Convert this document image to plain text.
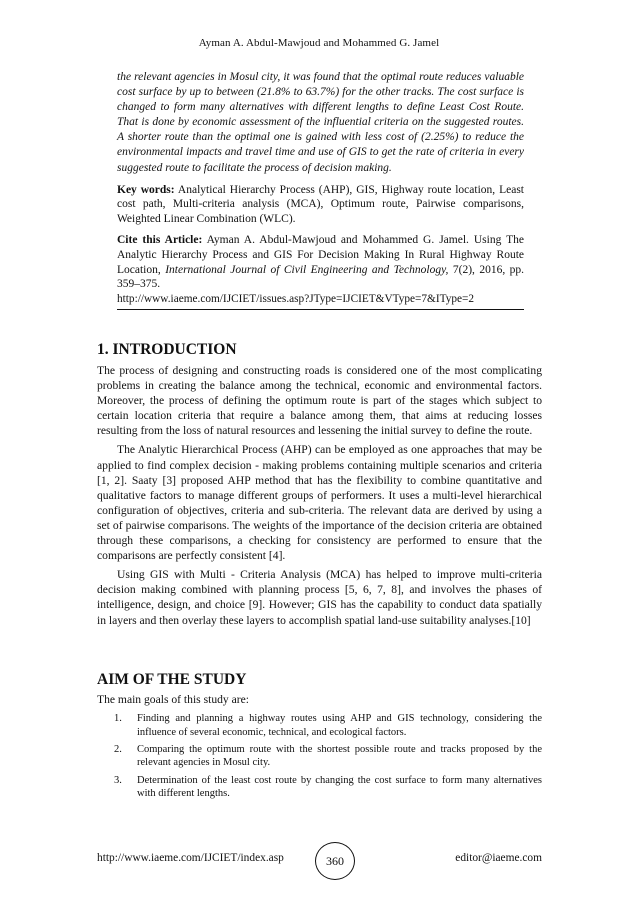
Ayman A. Abdul-Mawjoud and Mohammed G. Jamel

the relevant agencies in Mosul city, it was found that the optimal route reduces valuable cost surface by up to between (21.8% to 63.7%) for the other tracks. The cost surface is changed to form many alternatives with different lengths to define Least Cost Route. That is done by economic assessment of the influential criteria on the suggested routes. A shorter route than the optimal one is gained with less cost of (2.25%) to reduce the environmental impacts and travel time and use of GIS to get the rate of criteria in every suggested route to facilitate the process of decision making.

Key words: Analytical Hierarchy Process (AHP), GIS, Highway route location, Least cost path, Multi-criteria analysis (MCA), Optimum route, Pairwise comparisons, Weighted Linear Combination (WLC).

Cite this Article: Ayman A. Abdul-Mawjoud and Mohammed G. Jamel. Using The Analytic Hierarchy Process and GIS For Decision Making In Rural Highway Route Location, International Journal of Civil Engineering and Technology, 7(2), 2016, pp. 359–375.
http://www.iaeme.com/IJCIET/issues.asp?JType=IJCIET&VType=7&IType=2

1. INTRODUCTION

The process of designing and constructing roads is considered one of the most complicating problems in creating the balance among the technical, economic and environmental factors. Moreover, the process of defining the optimum route is part of the stages which subject to certain location criteria that require a balance among them, that aims at reducing losses resulting from the loss of natural resources and lessening the initial survey to define the route.

The Analytic Hierarchical Process (AHP) can be employed as one approaches that may be applied to find complex decision - making problems containing multiple scenarios and criteria [1, 2]. Saaty [3] proposed AHP method that has the flexibility to combine quantitative and qualitative factors to manage different groups of performers. It uses a multi-level hierarchical configuration of objectives, criteria and sub-criteria. The relevant data are derived by using a set of pairwise comparisons. The weights of the importance of the decision criteria are obtained through these comparisons, a checking for consistency are performed to ensure that the comparisons are perfectly consistent [4].

Using GIS with Multi - Criteria Analysis (MCA) has helped to improve multi-criteria decision making combined with planning process [5, 6, 7, 8], and involves the phases of intelligence, design, and choice [9]. However; GIS has the capability to conduct data spatially in layers and then overlay these layers to accomplish spatial land-use suitability analyses.[10]

AIM OF THE STUDY

The main goals of this study are:

1. Finding and planning a highway routes using AHP and GIS technology, considering the influence of several economic, technical, and ecological factors.
2. Comparing the optimum route with the shortest possible route and tracks proposed by the relevant agencies in Mosul city.
3. Determination of the least cost route by changing the cost surface to form many alternatives with different lengths.
http://www.iaeme.com/IJCIET/index.asp	360	editor@iaeme.com
